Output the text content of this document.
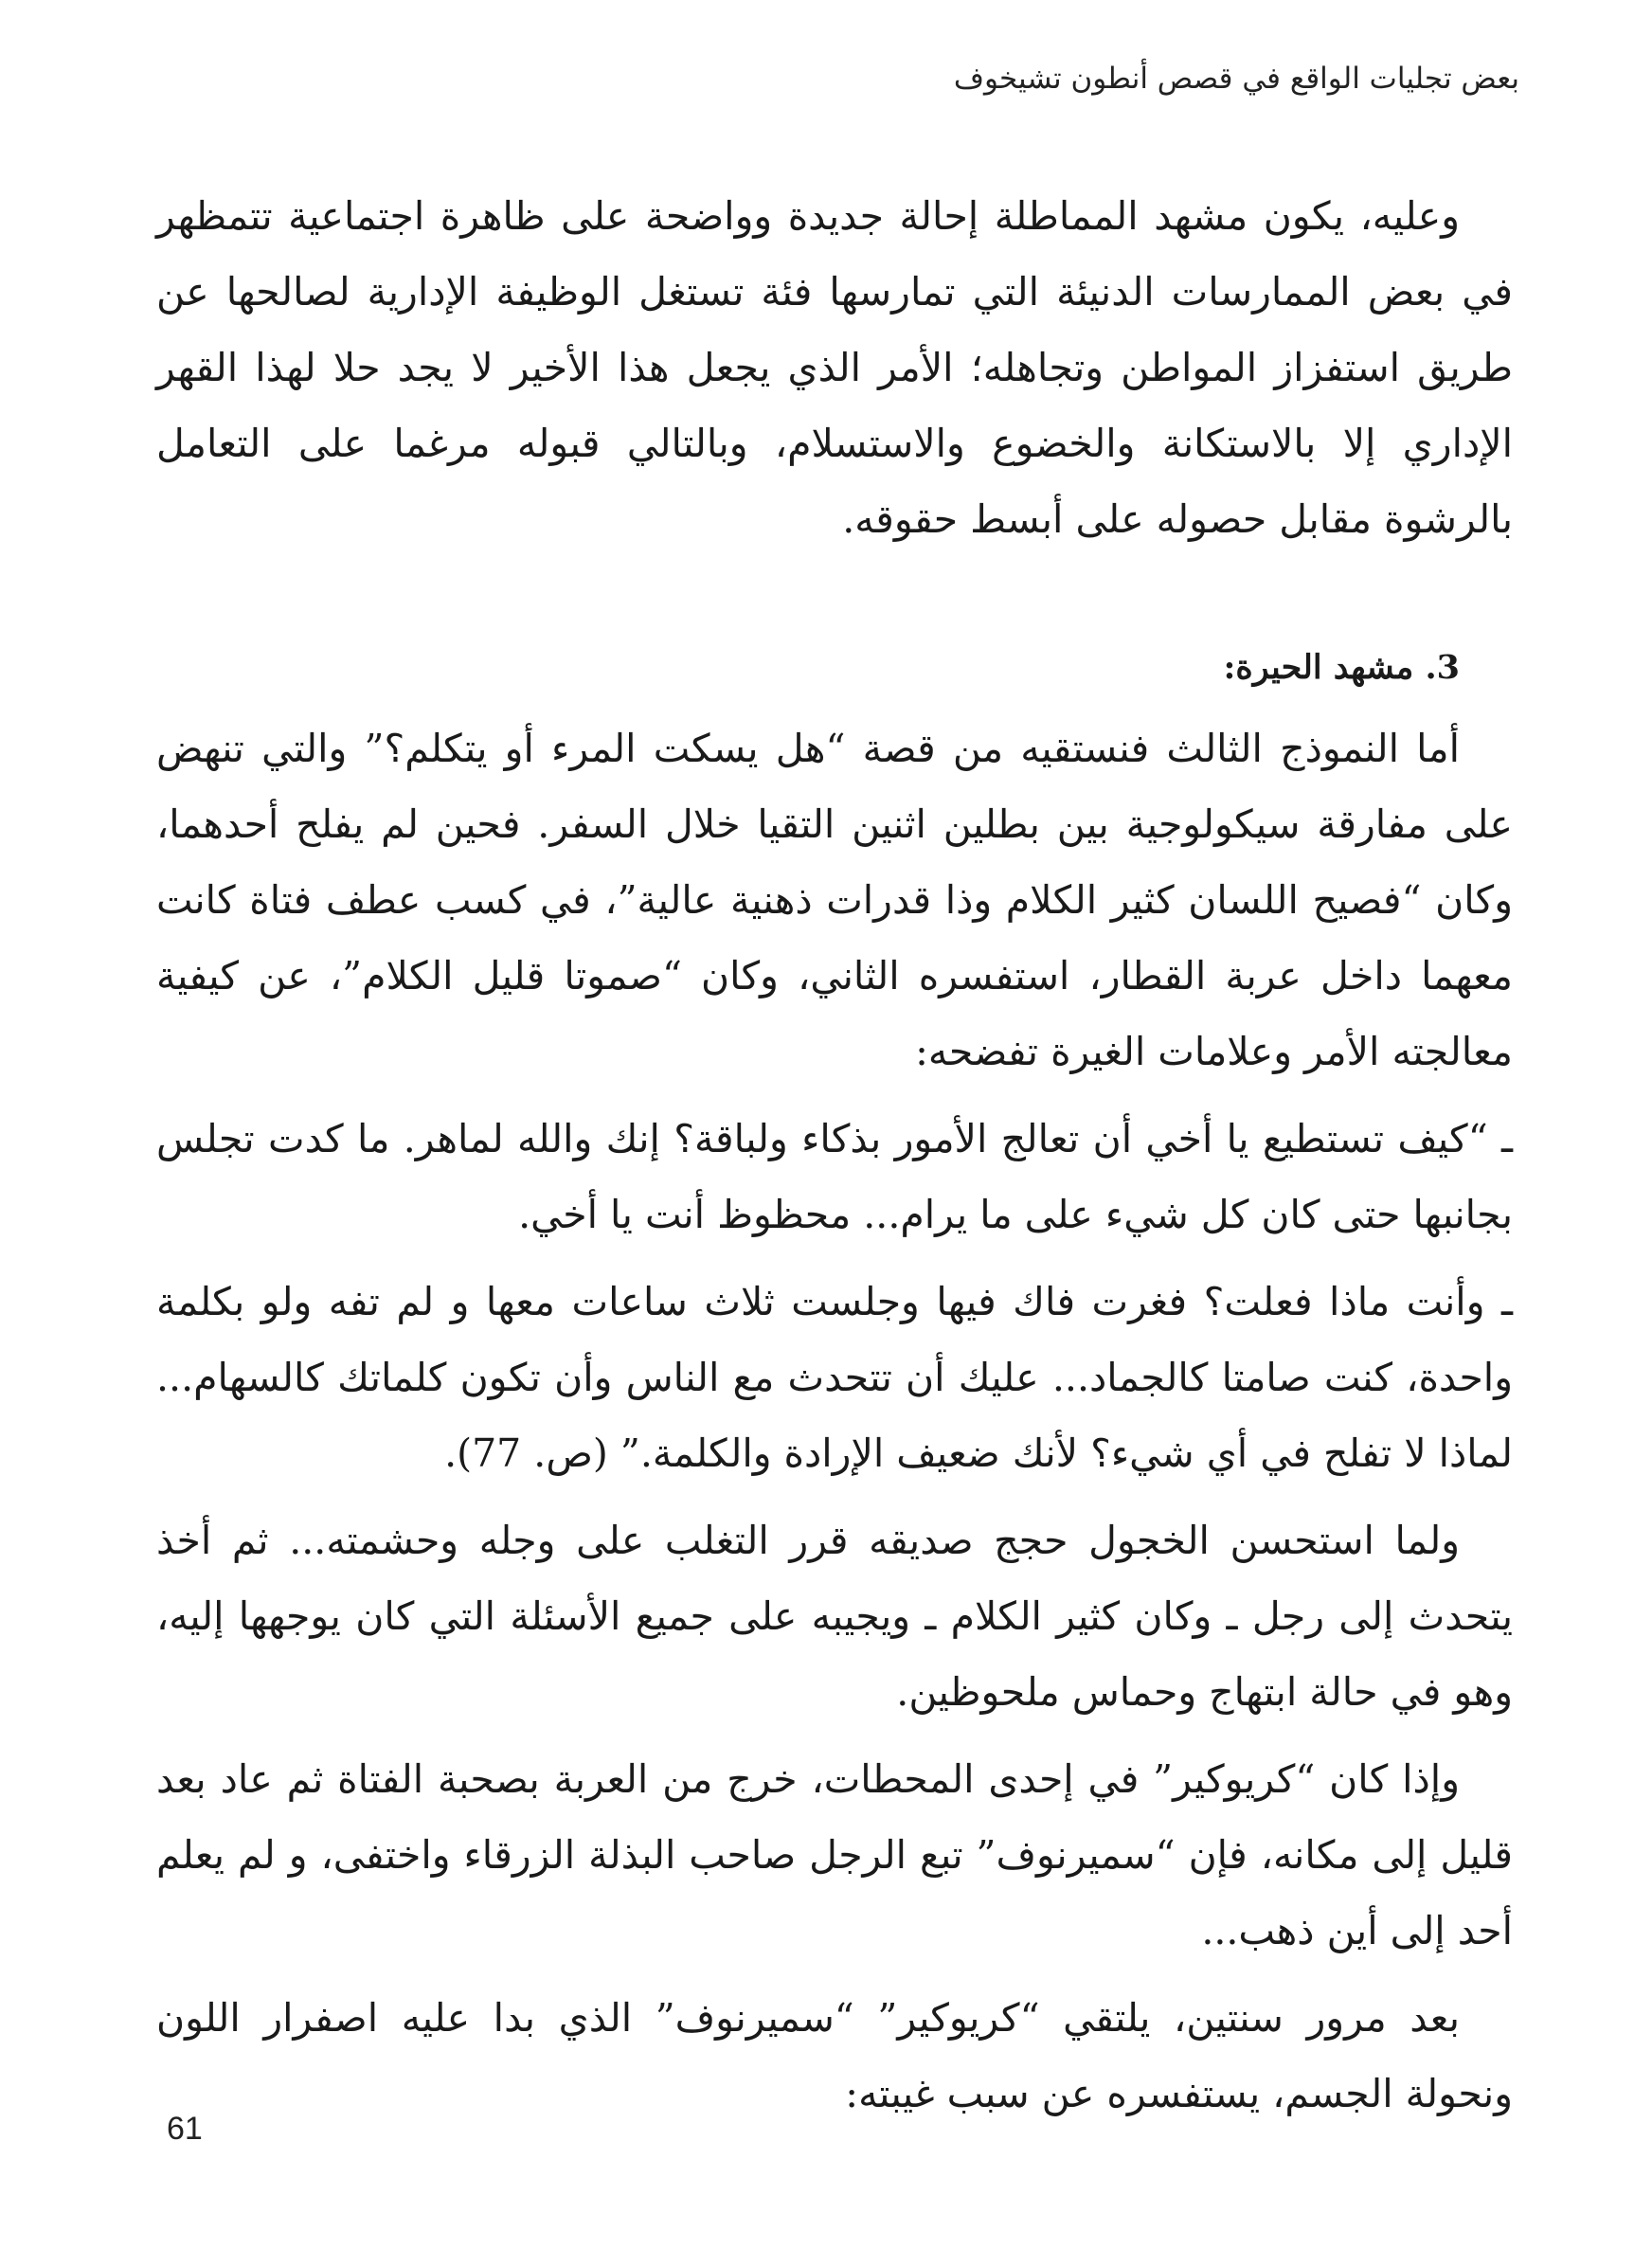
بعض تجليات الواقع في قصص أنطون تشيخوف

وعليه، يكون مشهد المماطلة إحالة جديدة وواضحة على ظاهرة اجتماعية تتمظهر في بعض الممارسات الدنيئة التي تمارسها فئة تستغل الوظيفة الإدارية لصالحها عن طريق استفزاز المواطن وتجاهله؛ الأمر الذي يجعل هذا الأخير لا يجد حلا لهذا القهر الإداري إلا بالاستكانة والخضوع والاستسلام، وبالتالي قبوله مرغما على التعامل بالرشوة مقابل حصوله على أبسط حقوقه.

3. مشهد الحيرة:

أما النموذج الثالث فنستقيه من قصة “هل يسكت المرء أو يتكلم؟” والتي تنهض على مفارقة سيكولوجية بين بطلين اثنين التقيا خلال السفر. فحين لم يفلح أحدهما، وكان “فصيح اللسان كثير الكلام وذا قدرات ذهنية عالية”، في كسب عطف فتاة كانت معهما داخل عربة القطار، استفسره الثاني، وكان “صموتا قليل الكلام”، عن كيفية معالجته الأمر وعلامات الغيرة تفضحه:

ـ “كيف تستطيع يا أخي أن تعالج الأمور بذكاء ولباقة؟ إنك والله لماهر. ما كدت تجلس بجانبها حتى كان كل شيء على ما يرام... محظوظ أنت يا أخي.

ـ وأنت ماذا فعلت؟ فغرت فاك فيها وجلست ثلاث ساعات معها و لم تفه ولو بكلمة واحدة، كنت صامتا كالجماد... عليك أن تتحدث مع الناس وأن تكون كلماتك كالسهام... لماذا لا تفلح في أي شيء؟ لأنك ضعيف الإرادة والكلمة.” (ص. 77).

ولما استحسن الخجول حجج صديقه قرر التغلب على وجله وحشمته... ثم أخذ يتحدث إلى رجل ـ وكان كثير الكلام ـ ويجيبه على جميع الأسئلة التي كان يوجهها إليه، وهو في حالة ابتهاج وحماس ملحوظين.

وإذا كان “كريوكير” في إحدى المحطات، خرج من العربة بصحبة الفتاة ثم عاد بعد قليل إلى مكانه، فإن “سميرنوف” تبع الرجل صاحب البذلة الزرقاء واختفى، و لم يعلم أحد إلى أين ذهب...

بعد مرور سنتين، يلتقي “كريوكير” “سميرنوف” الذي بدا عليه اصفرار اللون ونحولة الجسم، يستفسره عن سبب غيبته:

61
